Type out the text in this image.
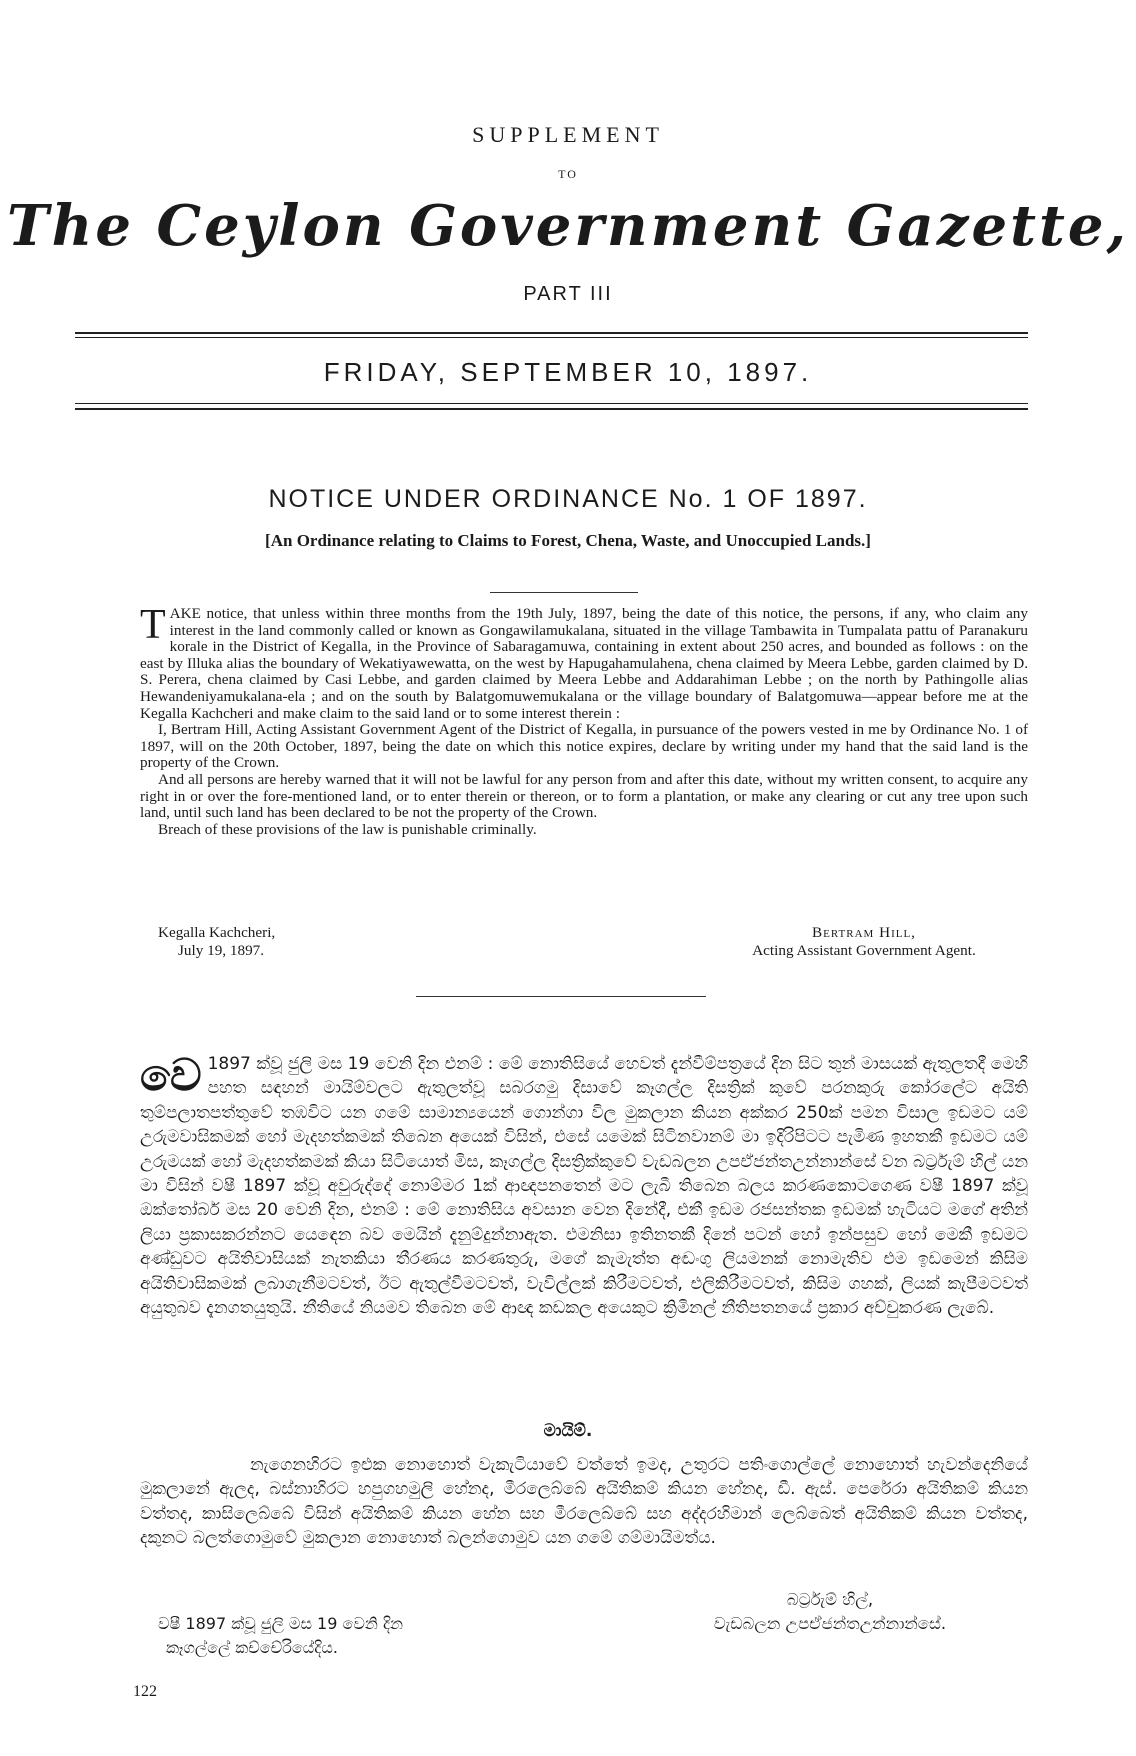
SUPPLEMENT
TO
The Ceylon Government Gazette,
PART III
FRIDAY, SEPTEMBER 10, 1897.
NOTICE UNDER ORDINANCE No. 1 OF 1897.
[An Ordinance relating to Claims to Forest, Chena, Waste, and Unoccupied Lands.]

TAKE notice, that unless within three months from the 19th July, 1897, being the date of this notice, the persons, if any, who claim any interest in the land commonly called or known as Gongawilamukalana, situated in the village Tambawita in Tumpalata pattu of Paranakuru korale in the District of Kegalla, in the Province of Sabaragamuwa, containing in extent about 250 acres, and bounded as follows : on the east by Illuka alias the boundary of Wekatiyawewatta, on the west by Hapugahamulahena, chena claimed by Meera Lebbe, garden claimed by D. S. Perera, chena claimed by Casi Lebbe, and garden claimed by Meera Lebbe and Addarahiman Lebbe ; on the north by Pathingolle alias Hewandeniyamukalana-ela ; and on the south by Balatgomuwemukalana or the village boundary of Balatgomuwa—appear before me at the Kegalla Kachcheri and make claim to the said land or to some interest therein :

I, Bertram Hill, Acting Assistant Government Agent of the District of Kegalla, in pursuance of the powers vested in me by Ordinance No. 1 of 1897, will on the 20th October, 1897, being the date on which this notice expires, declare by writing under my hand that the said land is the property of the Crown.

And all persons are hereby warned that it will not be lawful for any person from and after this date, without my written consent, to acquire any right in or over the fore-mentioned land, or to enter therein or thereon, or to form a plantation, or make any clearing or cut any tree upon such land, until such land has been declared to be not the property of the Crown.

Breach of these provisions of the law is punishable criminally.

Kegalla Kachcheri,
July 19, 1897.
Bertram Hill,
Acting Assistant Government Agent.

වෙ 1897 ක්වූ ජුලි මස 19 වෙනි දින එනම් : මේ නොතිසියේ හෙවත් දැන්වීම්පත්‍රයේ දින සිට තුන් මාසයක් ඇතුලතදී මෙහි පහත සඳහන් මායිම්වලට ඇතුලත්වූ සබරගමු දිසාවේ කෑගල්ල දිසත්‍රික් කුවේ පරනකුරු කෝරලේට අයිති තුම්පලාතපත්තුවේ තඹවිට යන ගමේ සාමාන්‍යයෙන් ගොන්ගා විල මුකලාන කියන අක්කර 250ක් පමන විසාල ඉඩමට යම් උරුමවාසිකමක් හෝ මැදහත්කමක් තිබෙන අයෙක් විසින්, එසේ යමෙක් සිටිනවානම් මා ඉදිරිපිටට පැමිණ ඉහතකී ඉඩමට යම් උරුමයක් හෝ මැදහත්කමක් කියා සිටියොත් මිස, කෑගල්ල දිසත්‍රික්කුවේ වැඩබලන උපඒජන්තඋන්නාන්සේ වන බර්ට්‍රැම් හිල් යන මා විසින් වෂී 1897 ක්වූ අවුරුද්දේ නොම්මර 1ක් ආඥපනතෙන් මට ලැබී තිබෙන බලය කරණකොටගෙණ වෂී 1897 ක්වූ ඔක්තෝබර් මස 20 වෙනි දින, එනම් : මේ නොතිසිය අවසාන වෙන දිනේදී, එකී ඉඩම රජසන්තක ඉඩමක් හැටියට මගේ අතින් ලියා ප්‍රකාසකරන්නට යෙඳෙන බව මෙයින් දැනුම්දුන්නාඇත. එමනිසා ඉතිනතකී දිනේ පටන් හෝ ඉන්පසුව හෝ මෙකී ඉඩමට අණ්ඩුවට අයිතිවාසියක් නැතකියා තීරණය කරණතුරු, මගේ කැමැත්ත අඬංගු ලියමනක් නොමැතිව එම ඉඩමෙන් කිසිම අයිතිවාසිකමක් ලබාගැනීමටවත්, ඊට ඇතුල්වීමටවත්, වැවිල්ලක් කිරීමටවත්, එලිකිරීමටවත්, කිසිම ගහක්, ලියක් කැපීමටවත් අයුතුබව දැනගතයුතුයි. නීතියේ නියමව තිබෙන මේ ආඥ කඩකල අයෙකුට ක්‍රිමිනල් නීතිපතනයේ ප්‍රකාර අච්චුකරණ ලැබේ.

මායිම්.
නැගෙනහිරට ඉළුක නොහොත් වැකැටියාවේ වත්තේ ඉමද, උතුරට පතිංගොල්ලේ නොහොත් හැවන්දෙනියේ මුකලානේ ඇලද, බස්නාහිරට හපුගහමුලි හේනද, මීරලෙබ්බේ අයිතිකම් කියන හේනද, ඩී. ඇස්. පෙරේරා අයිතිකම් කියන වත්තද, කාසිලෙබ්බේ විසින් අයිතිකම් කියන හේන සහ මීරලෙබ්බේ සහ අද්දරහිමාන් ලෙබ්බෙත් අයිතිකම් කියන වත්තද, දකුනට බලත්ගොමුවේ මුකලාන නොහොත් බලන්ගොමුව යන ගමේ ගම්මායිමත්ය.
වෂී 1897 ක්වූ ජුලි මස 19 වෙනි දින
කෑගල්ලේ කච්චේරියේදිය.
බර්ට්‍රැම් හිල්,
වැඩබලන උපඒජන්තඋන්නාන්සේ.
122
